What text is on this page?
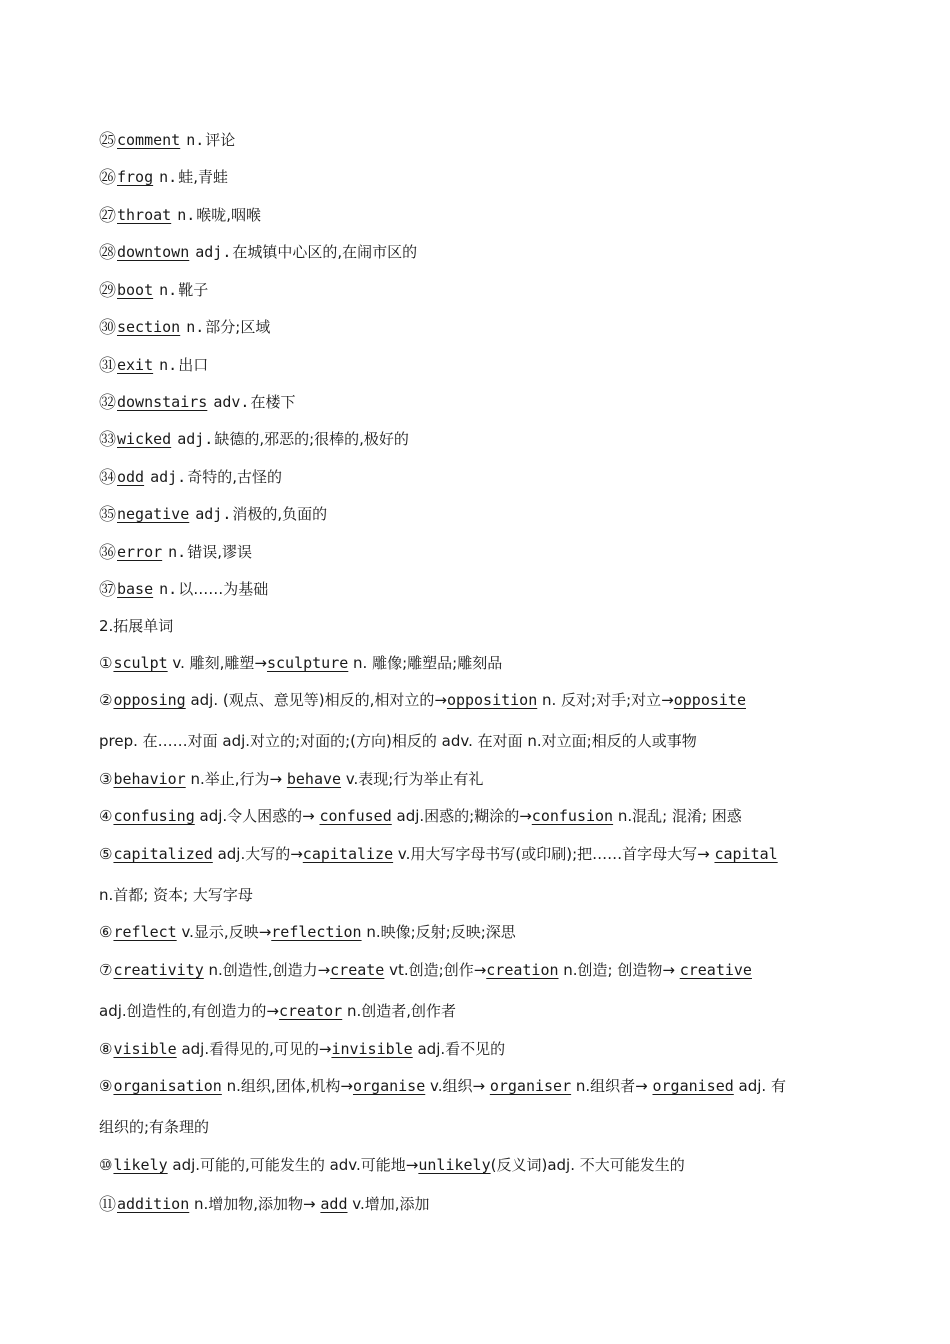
㉕comment n.评论
㉖frog n.蛙,青蛙
㉗throat n.喉咙,咽喉
㉘downtown adj.在城镇中心区的,在闹市区的
㉙boot n.靴子
㉚section n.部分;区域
㉛exit n.出口
㉜downstairs adv.在楼下
㉝wicked adj.缺德的,邪恶的;很棒的,极好的
㉞odd adj.奇特的,古怪的
㉟negative adj.消极的,负面的
㊱error n.错误,谬误
㊲base n.以……为基础
2.拓展单词
①sculpt v. 雕刻,雕塑→sculpture n. 雕像;雕塑品;雕刻品
②opposing adj. (观点、意见等)相反的,相对立的→opposition n. 反对;对手;对立→opposite
prep. 在……对面 adj.对立的;对面的;(方向)相反的 adv. 在对面 n.对立面;相反的人或事物
③behavior n.举止,行为→ behave v.表现;行为举止有礼
④confusing adj.令人困惑的→ confused adj.困惑的;糊涂的→confusion n.混乱; 混淆; 困惑
⑤capitalized adj.大写的→capitalize v.用大写字母书写(或印刷);把……首字母大写→ capital
n.首都; 资本; 大写字母
⑥reflect v.显示,反映→reflection n.映像;反射;反映;深思
⑦creativity n.创造性,创造力→create vt.创造;创作→creation n.创造; 创造物→ creative
adj.创造性的,有创造力的→creator n.创造者,创作者
⑧visible adj.看得见的,可见的→invisible adj.看不见的
⑨organisation n.组织,团体,机构→organise v.组织→ organiser n.组织者→ organised adj. 有
组织的;有条理的
⑩likely adj.可能的,可能发生的 adv.可能地→unlikely(反义词)adj. 不大可能发生的
⑪addition n.增加物,添加物→ add v.增加,添加
